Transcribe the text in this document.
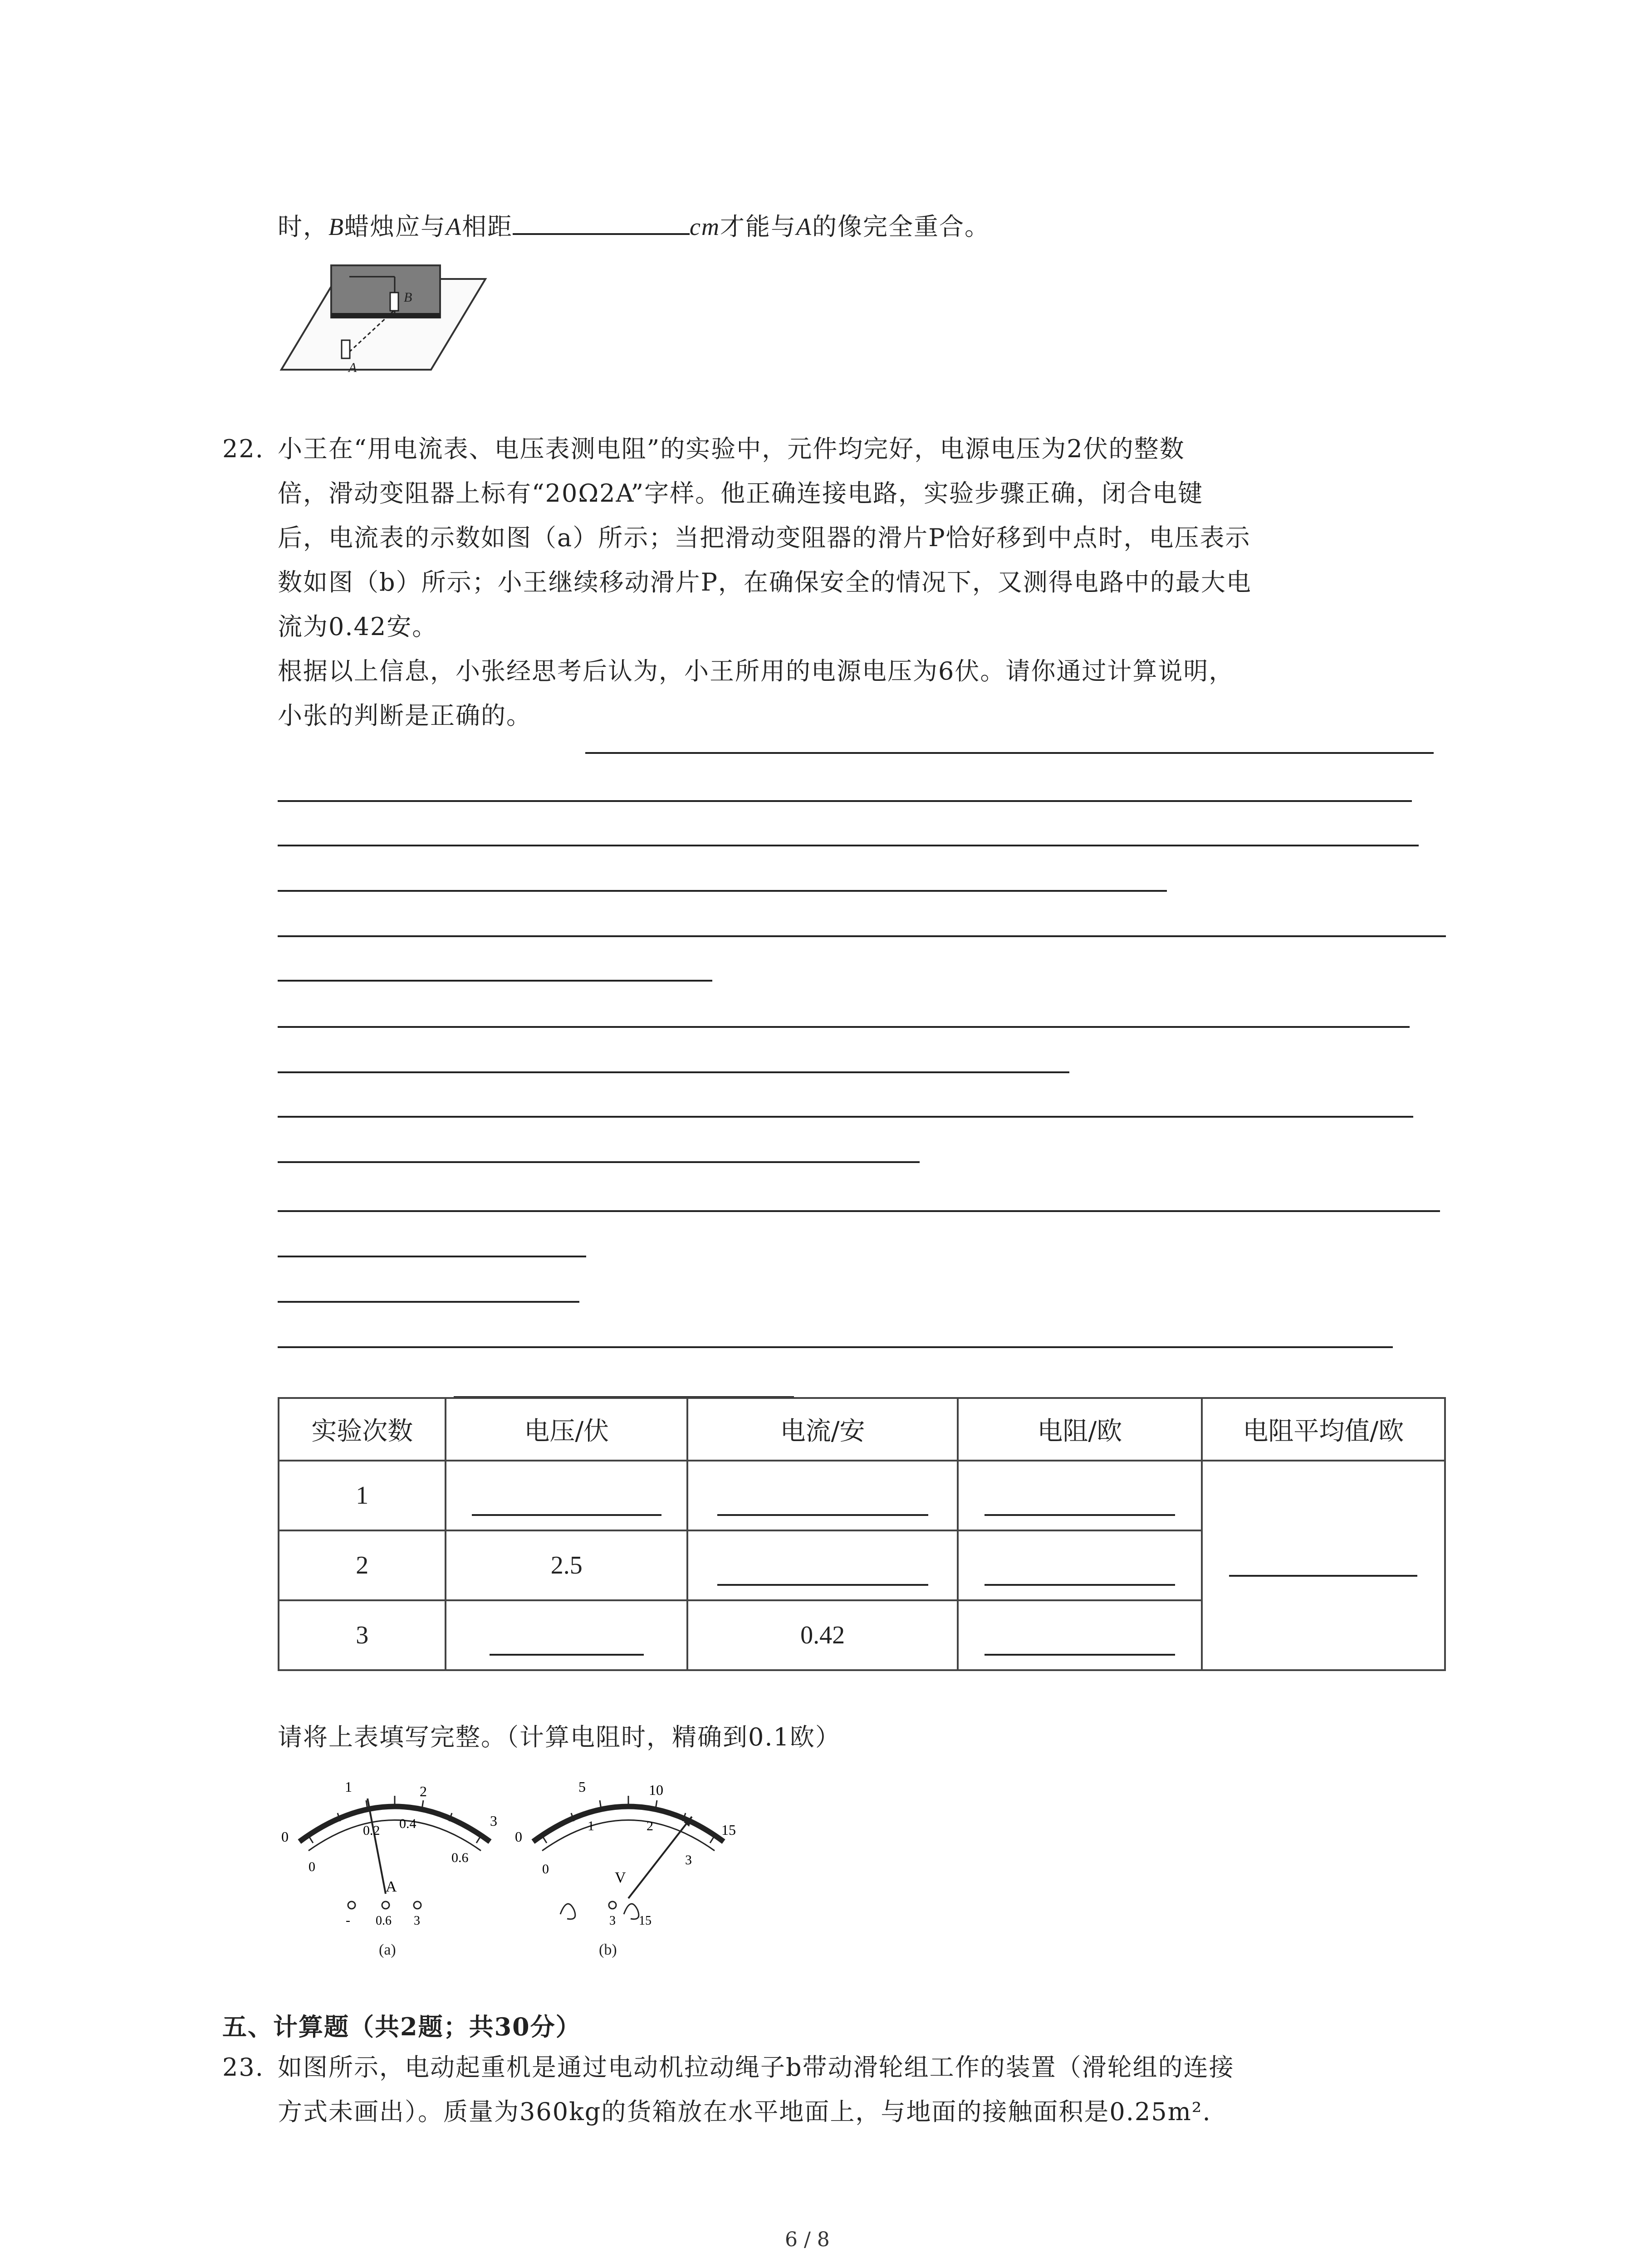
时，B蜡烛应与A相距	cm才能与A的像完全重合。
B
A
22. 小王在“用电流表、电压表测电阻”的实验中，元件均完好，电源电压为2伏的整数
倍，滑动变阻器上标有“20Ω2A”字样。他正确连接电路，实验步骤正确，闭合电键
后，电流表的示数如图（a）所示；当把滑动变阻器的滑片P恰好移到中点时，电压表示
数如图（b）所示；小王继续移动滑片P，在确保安全的情况下，又测得电路中的最大电
流为0.42安。
根据以上信息，小张经思考后认为，小王所用的电源电压为6伏。请你通过计算说明，
小张的判断是正确的。
实验次数	电压/伏	电流/安	电阻/欧	电阻平均值/欧
1				
2	2.5			
3		0.42		
请将上表填写完整。（计算电阻时，精确到0.1欧）
0
1	2
3
0
0.2 0.4
0.6
A
- 0.6 3
(a)
0
5	10
15
0
1	2
3
V
3 15
(b)
五、计算题（共2题；共30分）
23. 如图所示，电动起重机是通过电动机拉动绳子b带动滑轮组工作的装置（滑轮组的连接
方式未画出）。质量为360kg的货箱放在水平地面上，与地面的接触面积是0.25m².
6 / 8
